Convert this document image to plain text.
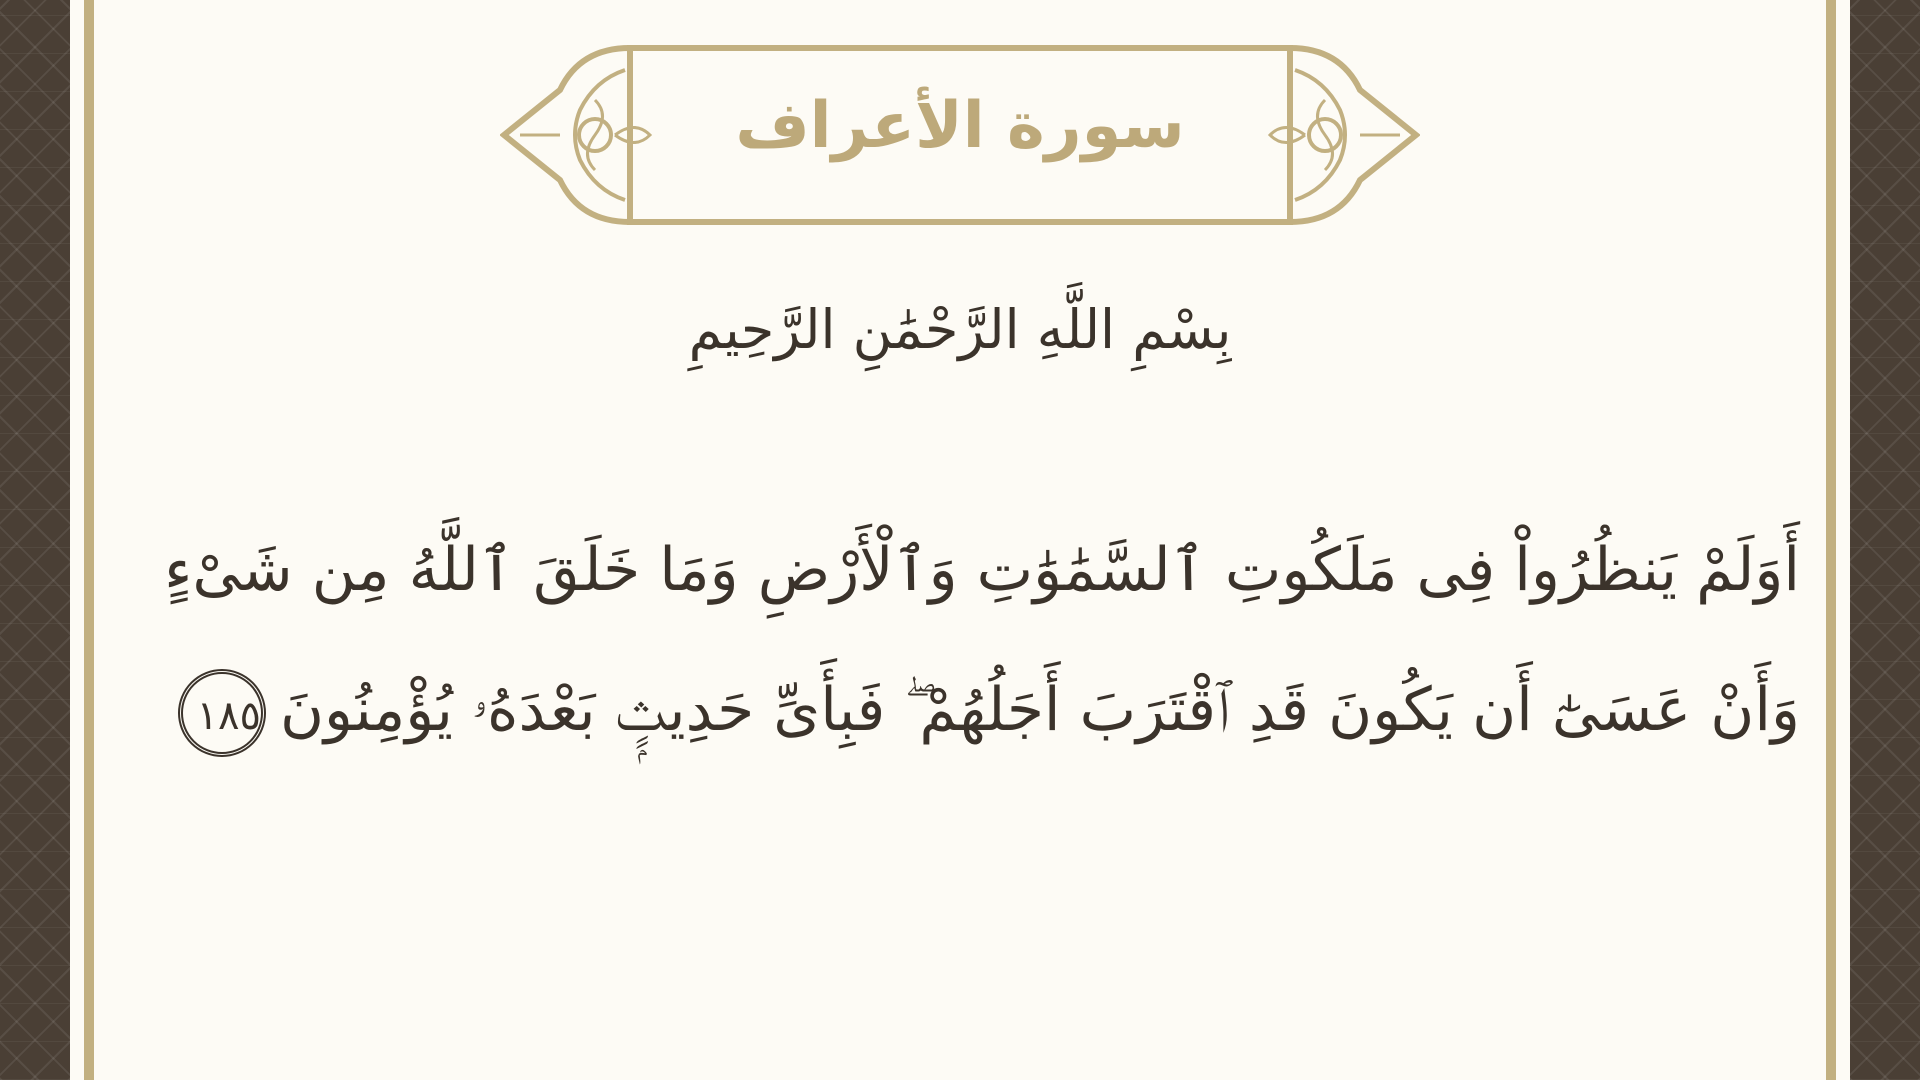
سورة الأعراف
بِسْمِ اللَّهِ الرَّحْمَٰنِ الرَّحِيمِ
أَوَلَمْ يَنظُرُواْ فِى مَلَكُوتِ ٱلسَّمَٰوَٰتِ وَٱلْأَرْضِ وَمَا خَلَقَ ٱللَّهُ مِن شَىْءٍ
وَأَنْ عَسَىٰٓ أَن يَكُونَ قَدِ ٱقْتَرَبَ أَجَلُهُمْ ۖ فَبِأَىِّ حَدِيثٍۭ بَعْدَهُۥ يُؤْمِنُونَ١٨٥
